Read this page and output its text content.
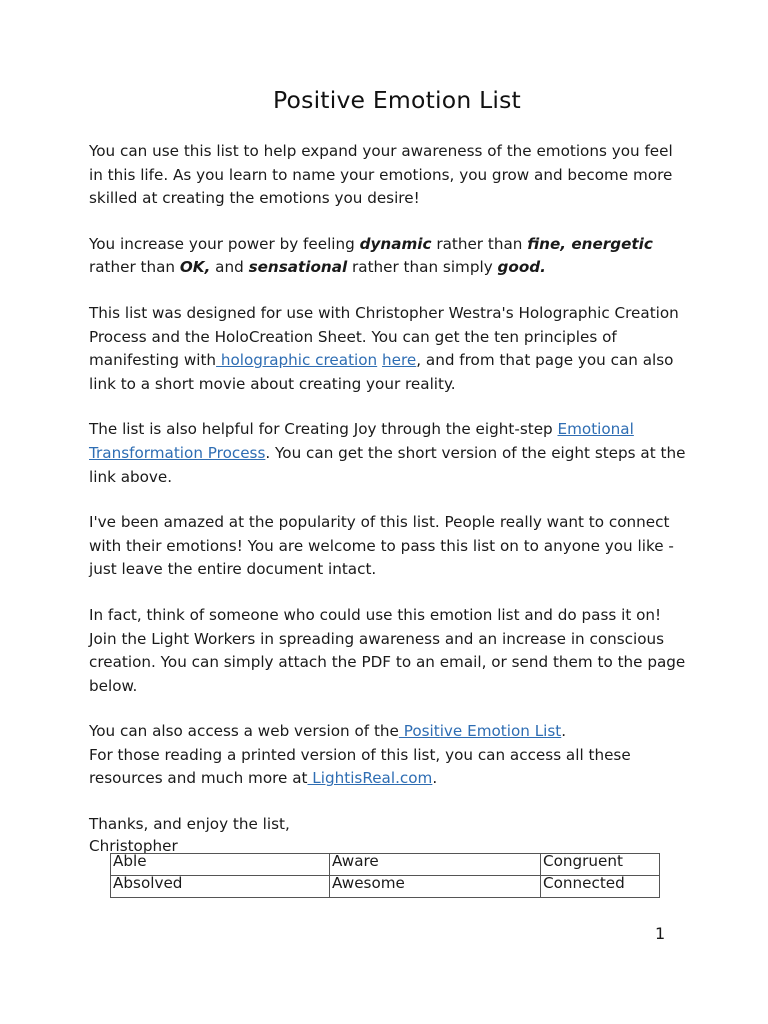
Positive Emotion List

You can use this list to help expand your awareness of the emotions you feel in this life. As you learn to name your emotions, you grow and become more skilled at creating the emotions you desire!

You increase your power by feeling dynamic rather than fine, energetic rather than OK, and sensational rather than simply good.

This list was designed for use with Christopher Westra's Holographic Creation Process and the HoloCreation Sheet. You can get the ten principles of manifesting with holographic creation here, and from that page you can also link to a short movie about creating your reality.

The list is also helpful for Creating Joy through the eight-step Emotional Transformation Process. You can get the short version of the eight steps at the link above.

I've been amazed at the popularity of this list. People really want to connect with their emotions! You are welcome to pass this list on to anyone you like - just leave the entire document intact.

In fact, think of someone who could use this emotion list and do pass it on! Join the Light Workers in spreading awareness and an increase in conscious creation. You can simply attach the PDF to an email, or send them to the page below.

You can also access a web version of the Positive Emotion List.

For those reading a printed version of this list, you can access all these resources and much more at LightisReal.com.

Thanks, and enjoy the list,

Christopher

Able	Aware	Congruent
Absolved	Awesome	Connected
1
